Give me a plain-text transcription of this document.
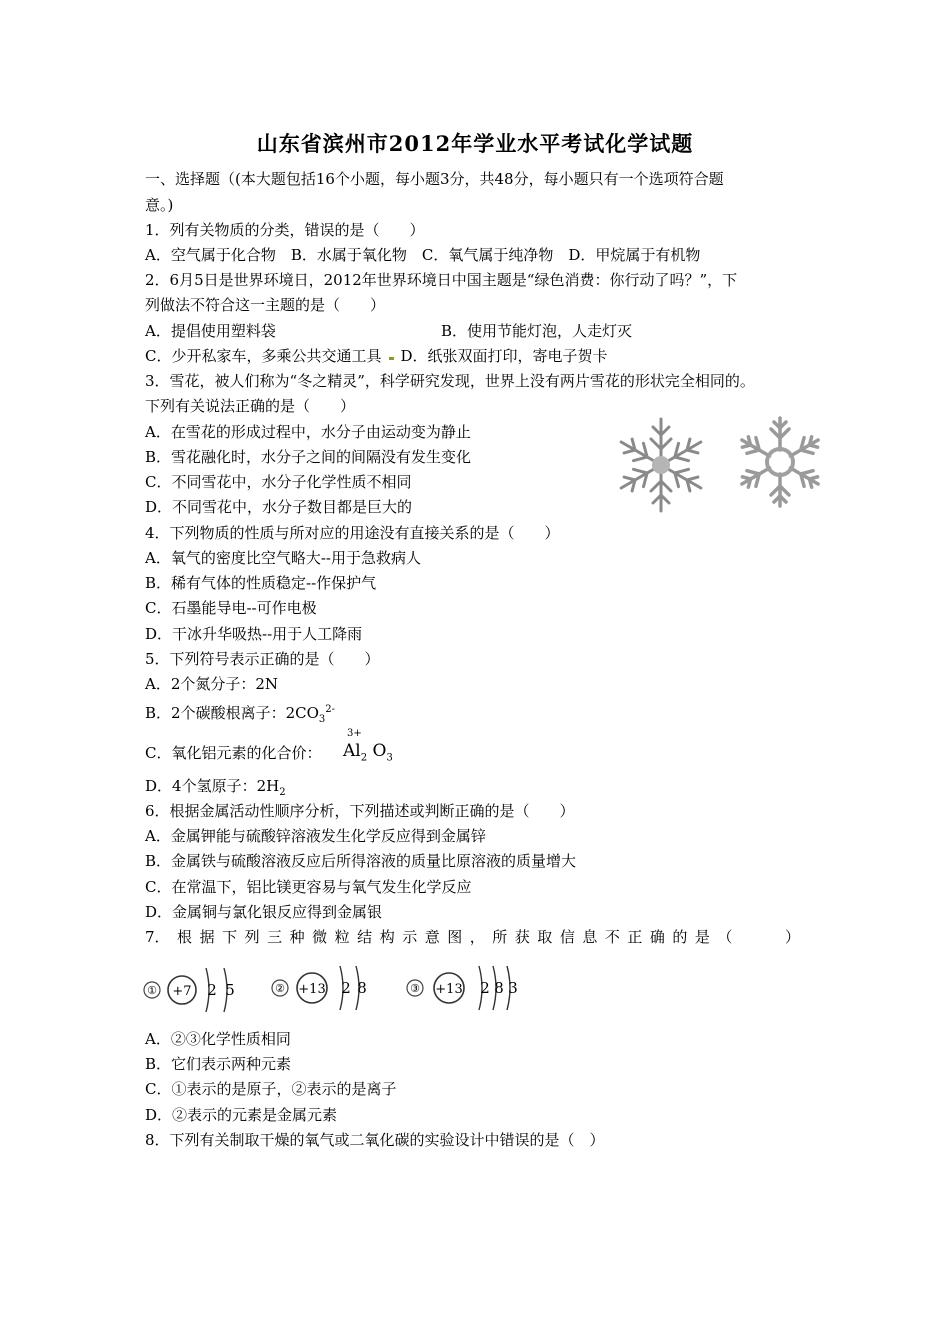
山东省滨州市2012年学业水平考试化学试题
一、选择题（(本大题包括16个小题，每小题3分，共48分，每小题只有一个选项符合题
意。)
1．列有关物质的分类，错误的是（　　）
A．空气属于化合物　B．水属于氧化物　C．氧气属于纯净物　D．甲烷属于有机物
2．6月5日是世界环境日，2012年世界环境日中国主题是“绿色消费：你行动了吗？”，下
列做法不符合这一主题的是（　　）
A．提倡使用塑料袋	B．使用节能灯泡，人走灯灭
C．少开私家车，多乘公共交通工具 D．纸张双面打印，寄电子贺卡
3．雪花，被人们称为“冬之精灵”，科学研究发现，世界上没有两片雪花的形状完全相同的。
下列有关说法正确的是（　　）
A．在雪花的形成过程中，水分子由运动变为静止
B．雪花融化时，水分子之间的间隔没有发生变化
C．不同雪花中，水分子化学性质不相同
D．不同雪花中，水分子数目都是巨大的
4．下列物质的性质与所对应的用途没有直接关系的是（　　）
A．氧气的密度比空气略大--用于急救病人
B．稀有气体的性质稳定--作保护气
C．石墨能导电--可作电极
D．干冰升华吸热--用于人工降雨
5．下列符号表示正确的是（　　）
A．2个氮分子：2N
B．2个碳酸根离子：$2CO_3^{2-}$
C．氧化铝元素的化合价：
3+
$Al_2$ $O_3$
D．4个氢原子：$2H_2$
6．根据金属活动性顺序分析，下列描述或判断正确的是（　　）
A．金属钾能与硫酸锌溶液发生化学反应得到金属锌
B．金属铁与硫酸溶液反应后所得溶液的质量比原溶液的质量增大
C．在常温下，铝比镁更容易与氧气发生化学反应
D．金属铜与氯化银反应得到金属银
7． 根 据 下 列 三 种 微 粒 结 构 示 意 图 ， 所 获 取 信 息 不 正 确 的 是 （

　	）
① +7 2 5	② +13 2 8	③ +13 2 8 3
A．②③化学性质相同
B．它们表示两种元素
C．①表示的是原子，②表示的是离子
D．②表示的元素是金属元素
8．下列有关制取干燥的氧气或二氧化碳的实验设计中错误的是（　）
